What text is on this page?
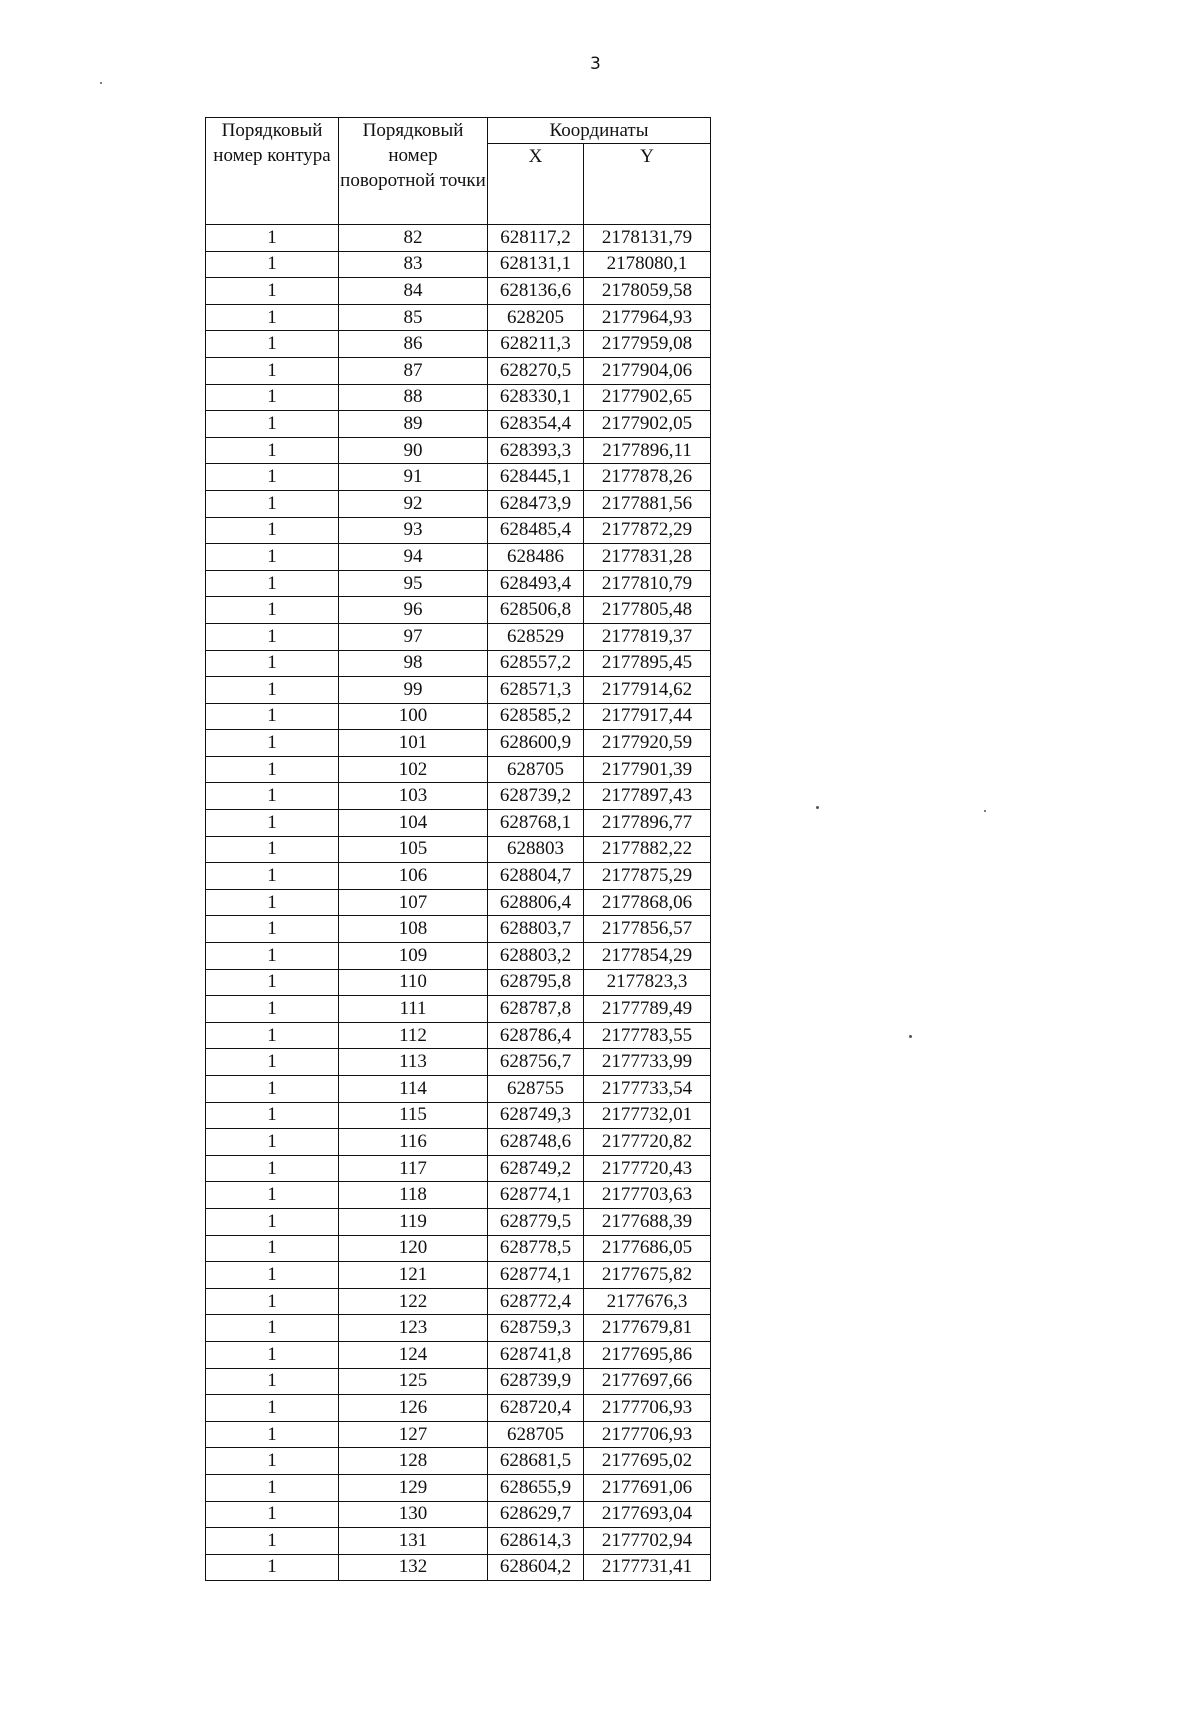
3
Порядковый номер контура	Порядковый номер поворотной точки	Координаты	
		X	Y
1	82	628117,2	2178131,79
1	83	628131,1	2178080,1
1	84	628136,6	2178059,58
1	85	628205	2177964,93
1	86	628211,3	2177959,08
1	87	628270,5	2177904,06
1	88	628330,1	2177902,65
1	89	628354,4	2177902,05
1	90	628393,3	2177896,11
1	91	628445,1	2177878,26
1	92	628473,9	2177881,56
1	93	628485,4	2177872,29
1	94	628486	2177831,28
1	95	628493,4	2177810,79
1	96	628506,8	2177805,48
1	97	628529	2177819,37
1	98	628557,2	2177895,45
1	99	628571,3	2177914,62
1	100	628585,2	2177917,44
1	101	628600,9	2177920,59
1	102	628705	2177901,39
1	103	628739,2	2177897,43
1	104	628768,1	2177896,77
1	105	628803	2177882,22
1	106	628804,7	2177875,29
1	107	628806,4	2177868,06
1	108	628803,7	2177856,57
1	109	628803,2	2177854,29
1	110	628795,8	2177823,3
1	111	628787,8	2177789,49
1	112	628786,4	2177783,55
1	113	628756,7	2177733,99
1	114	628755	2177733,54
1	115	628749,3	2177732,01
1	116	628748,6	2177720,82
1	117	628749,2	2177720,43
1	118	628774,1	2177703,63
1	119	628779,5	2177688,39
1	120	628778,5	2177686,05
1	121	628774,1	2177675,82
1	122	628772,4	2177676,3
1	123	628759,3	2177679,81
1	124	628741,8	2177695,86
1	125	628739,9	2177697,66
1	126	628720,4	2177706,93
1	127	628705	2177706,93
1	128	628681,5	2177695,02
1	129	628655,9	2177691,06
1	130	628629,7	2177693,04
1	131	628614,3	2177702,94
1	132	628604,2	2177731,41
